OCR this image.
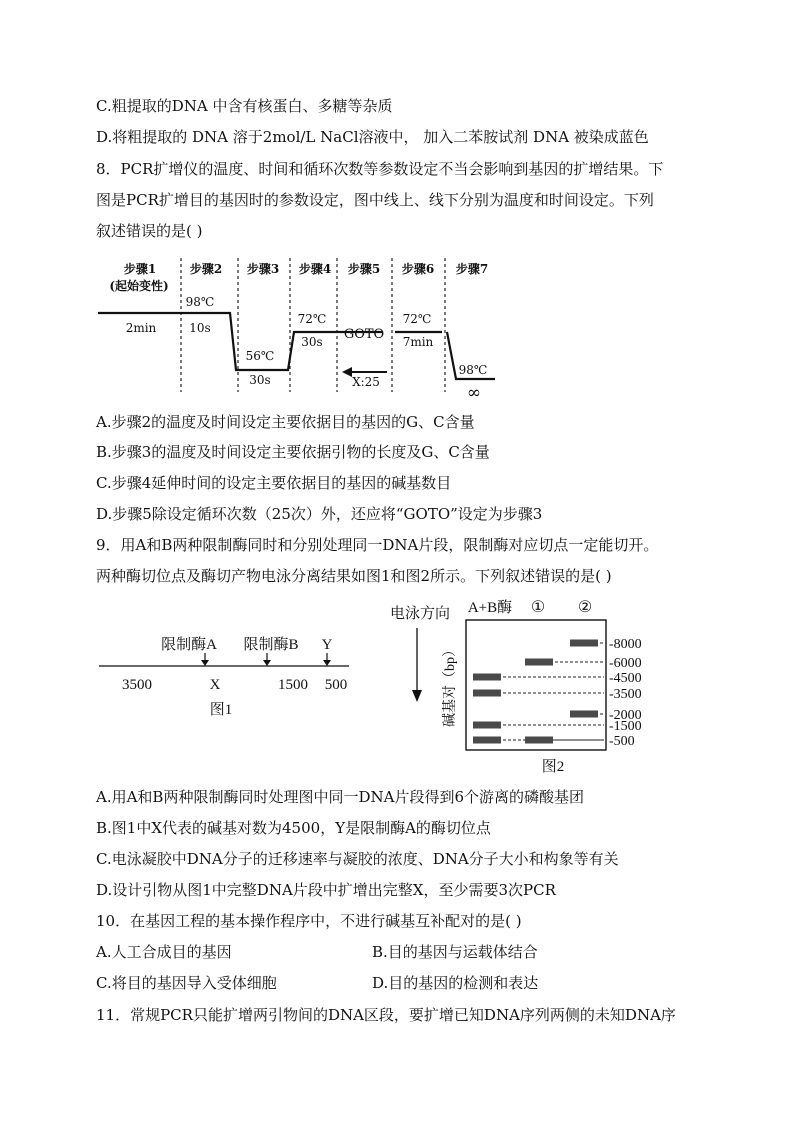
C.粗提取的DNA 中含有核蛋白、多糖等杂质
D.将粗提取的 DNA 溶于2mol/L NaCl溶液中， 加入二苯胺试剂 DNA 被染成蓝色
8．PCR扩增仪的温度、时间和循环次数等参数设定不当会影响到基因的扩增结果。下
图是PCR扩增目的基因时的参数设定，图中线上、线下分别为温度和时间设定。下列
叙述错误的是( )
步骤1
(起始变性)
步骤2 步骤3 步骤4 步骤5 步骤6 步骤7
98℃
2min	10s
56℃
30s
72℃
30s GOTO
72℃
7min
98℃
X:25
∞
A.步骤2的温度及时间设定主要依据目的基因的G、C含量
B.步骤3的温度及时间设定主要依据引物的长度及G、C含量
C.步骤4延伸时间的设定主要依据目的基因的碱基数目
D.步骤5除设定循环次数（25次）外，还应将“GOTO”设定为步骤3
9．用A和B两种限制酶同时和分别处理同一DNA片段，限制酶对应切点一定能切开。
两种酶切位点及酶切产物电泳分离结果如图1和图2所示。下列叙述错误的是( )
限制酶A 限制酶B Y
3500	X	1500 500
图1
电泳方向 A+B酶 ① ②
碱基对（bp）	-8000
-6000
-4500
-3500
-2000
-1500
-500
图2
A.用A和B两种限制酶同时处理图中同一DNA片段得到6个游离的磷酸基团
B.图1中X代表的碱基对数为4500，Y是限制酶A的酶切位点
C.电泳凝胶中DNA分子的迁移速率与凝胶的浓度、DNA分子大小和构象等有关
D.设计引物从图1中完整DNA片段中扩增出完整X，至少需要3次PCR
10．在基因工程的基本操作程序中，不进行碱基互补配对的是( )
A.人工合成目的基因	B.目的基因与运载体结合
C.将目的基因导入受体细胞	D.目的基因的检测和表达
11．常规PCR只能扩增两引物间的DNA区段，要扩增已知DNA序列两侧的未知DNA序
